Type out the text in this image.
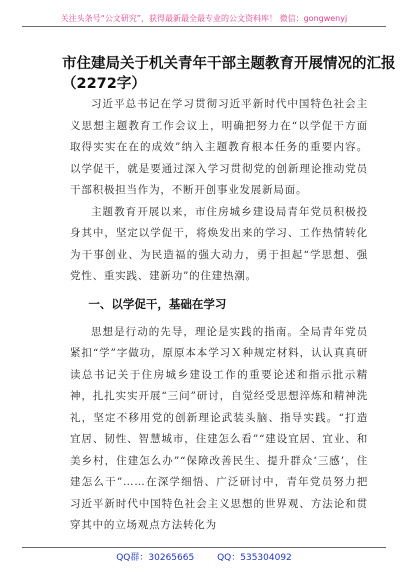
关注头条号“公文研究”，获得最新最全最专业的公文资料库！ 微信：gongwenyj
市住建局关于机关青年干部主题教育开展情况的汇报
（2272字）

习近平总书记在学习贯彻习近平新时代中国特色社会主义思想主题教育工作会议上，明确把努力在“以学促干方面取得实实在在的成效”纳入主题教育根本任务的重要内容。以学促干，就是要通过深入学习贯彻党的创新理论推动党员干部积极担当作为，不断开创事业发展新局面。

主题教育开展以来，市住房城乡建设局青年党员积极投身其中，坚定以学促干，将焕发出来的学习、工作热情转化为干事创业、为民造福的强大动力，勇于担起“学思想、强党性、重实践、建新功”的住建热潮。

一、以学促干，基础在学习

思想是行动的先导，理论是实践的指南。全局青年党员紧扣“学”字做功，原原本本学习Ｘ种规定材料，认认真真研读总书记关于住房城乡建设工作的重要论述和指示批示精神，扎扎实实开展“三问”研讨，自觉经受思想淬炼和精神洗礼，坚定不移用党的创新理论武装头脑、指导实践。“打造宜居、韧性、智慧城市，住建怎么看”“建设宜居、宜业、和美乡村，住建怎么办”“保障改善民生、提升群众‘三感’，住建怎么干”……在深学细悟、广泛研讨中，青年党员努力把习近平新时代中国特色社会主义思想的世界观、方法论和贯穿其中的立场观点方法转化为

QQ群：30265665	QQ：535304092
